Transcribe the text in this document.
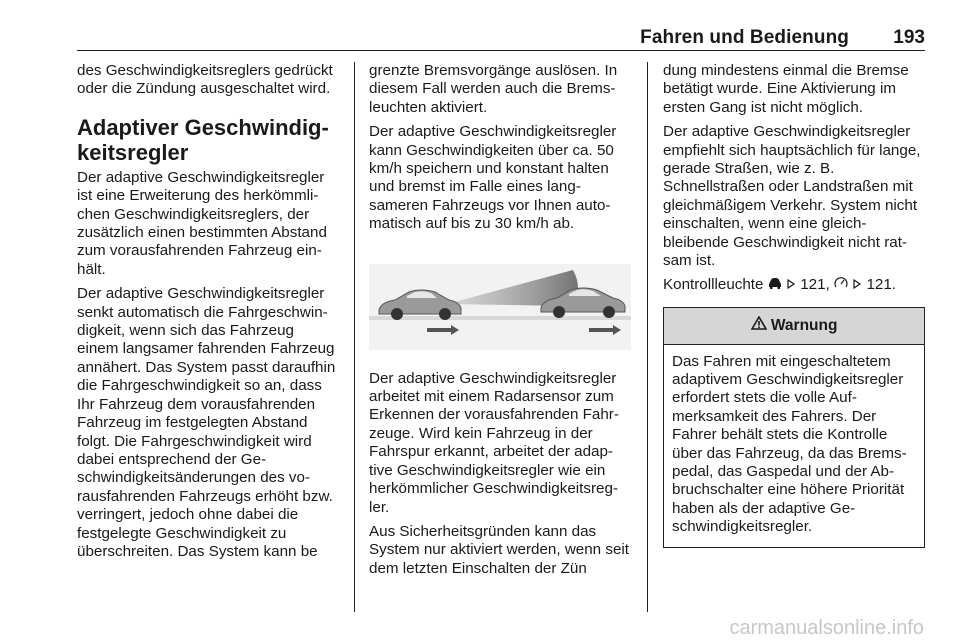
Fahren und Bedienung 193

des Geschwindigkeitsreglers gedrückt oder die Zündung ausgeschaltet wird.

Adaptiver Geschwindigkeitsregler

Der adaptive Geschwindigkeitsregler ist eine Erweiterung des herkömmlichen Geschwindigkeitsreglers, der zusätzlich einen bestimmten Abstand zum vorausfahrenden Fahrzeug einhält.

Der adaptive Geschwindigkeitsregler senkt automatisch die Fahrgeschwindigkeit, wenn sich das Fahrzeug einem langsamer fahrenden Fahrzeug annähert. Das System passt daraufhin die Fahrgeschwindigkeit so an, dass Ihr Fahrzeug dem vorausfahrenden Fahrzeug im festgelegten Abstand folgt. Die Fahrgeschwindigkeit wird dabei entsprechend der Geschwindigkeitsänderungen des vorausfahrenden Fahrzeugs erhöht bzw. verringert, jedoch ohne dabei die festgelegte Geschwindigkeit zu überschreiten. Das System kann be

grenzte Bremsvorgänge auslösen. In diesem Fall werden auch die Bremsleuchten aktiviert.

Der adaptive Geschwindigkeitsregler kann Geschwindigkeiten über ca. 50 km/h speichern und konstant halten und bremst im Falle eines langsameren Fahrzeugs vor Ihnen automatisch auf bis zu 30 km/h ab.

Der adaptive Geschwindigkeitsregler arbeitet mit einem Radarsensor zum Erkennen der vorausfahrenden Fahrzeuge. Wird kein Fahrzeug in der Fahrspur erkannt, arbeitet der adaptive Geschwindigkeitsregler wie ein herkömmlicher Geschwindigkeitsregler.

Aus Sicherheitsgründen kann das System nur aktiviert werden, wenn seit dem letzten Einschalten der Zün

dung mindestens einmal die Bremse betätigt wurde. Eine Aktivierung im ersten Gang ist nicht möglich.

Der adaptive Geschwindigkeitsregler empfiehlt sich hauptsächlich für lange, gerade Straßen, wie z. B. Schnellstraßen oder Landstraßen mit gleichmäßigem Verkehr. System nicht einschalten, wenn eine gleichbleibende Geschwindigkeit nicht ratsam ist.

Kontrollleuchte 121, 121.

Warnung

Das Fahren mit eingeschaltetem adaptivem Geschwindigkeitsregler erfordert stets die volle Aufmerksamkeit des Fahrers. Der Fahrer behält stets die Kontrolle über das Fahrzeug, da das Bremspedal, das Gaspedal und der Abbruchschalter eine höhere Priorität haben als der adaptive Geschwindigkeitsregler.

carmanualsonline.info
